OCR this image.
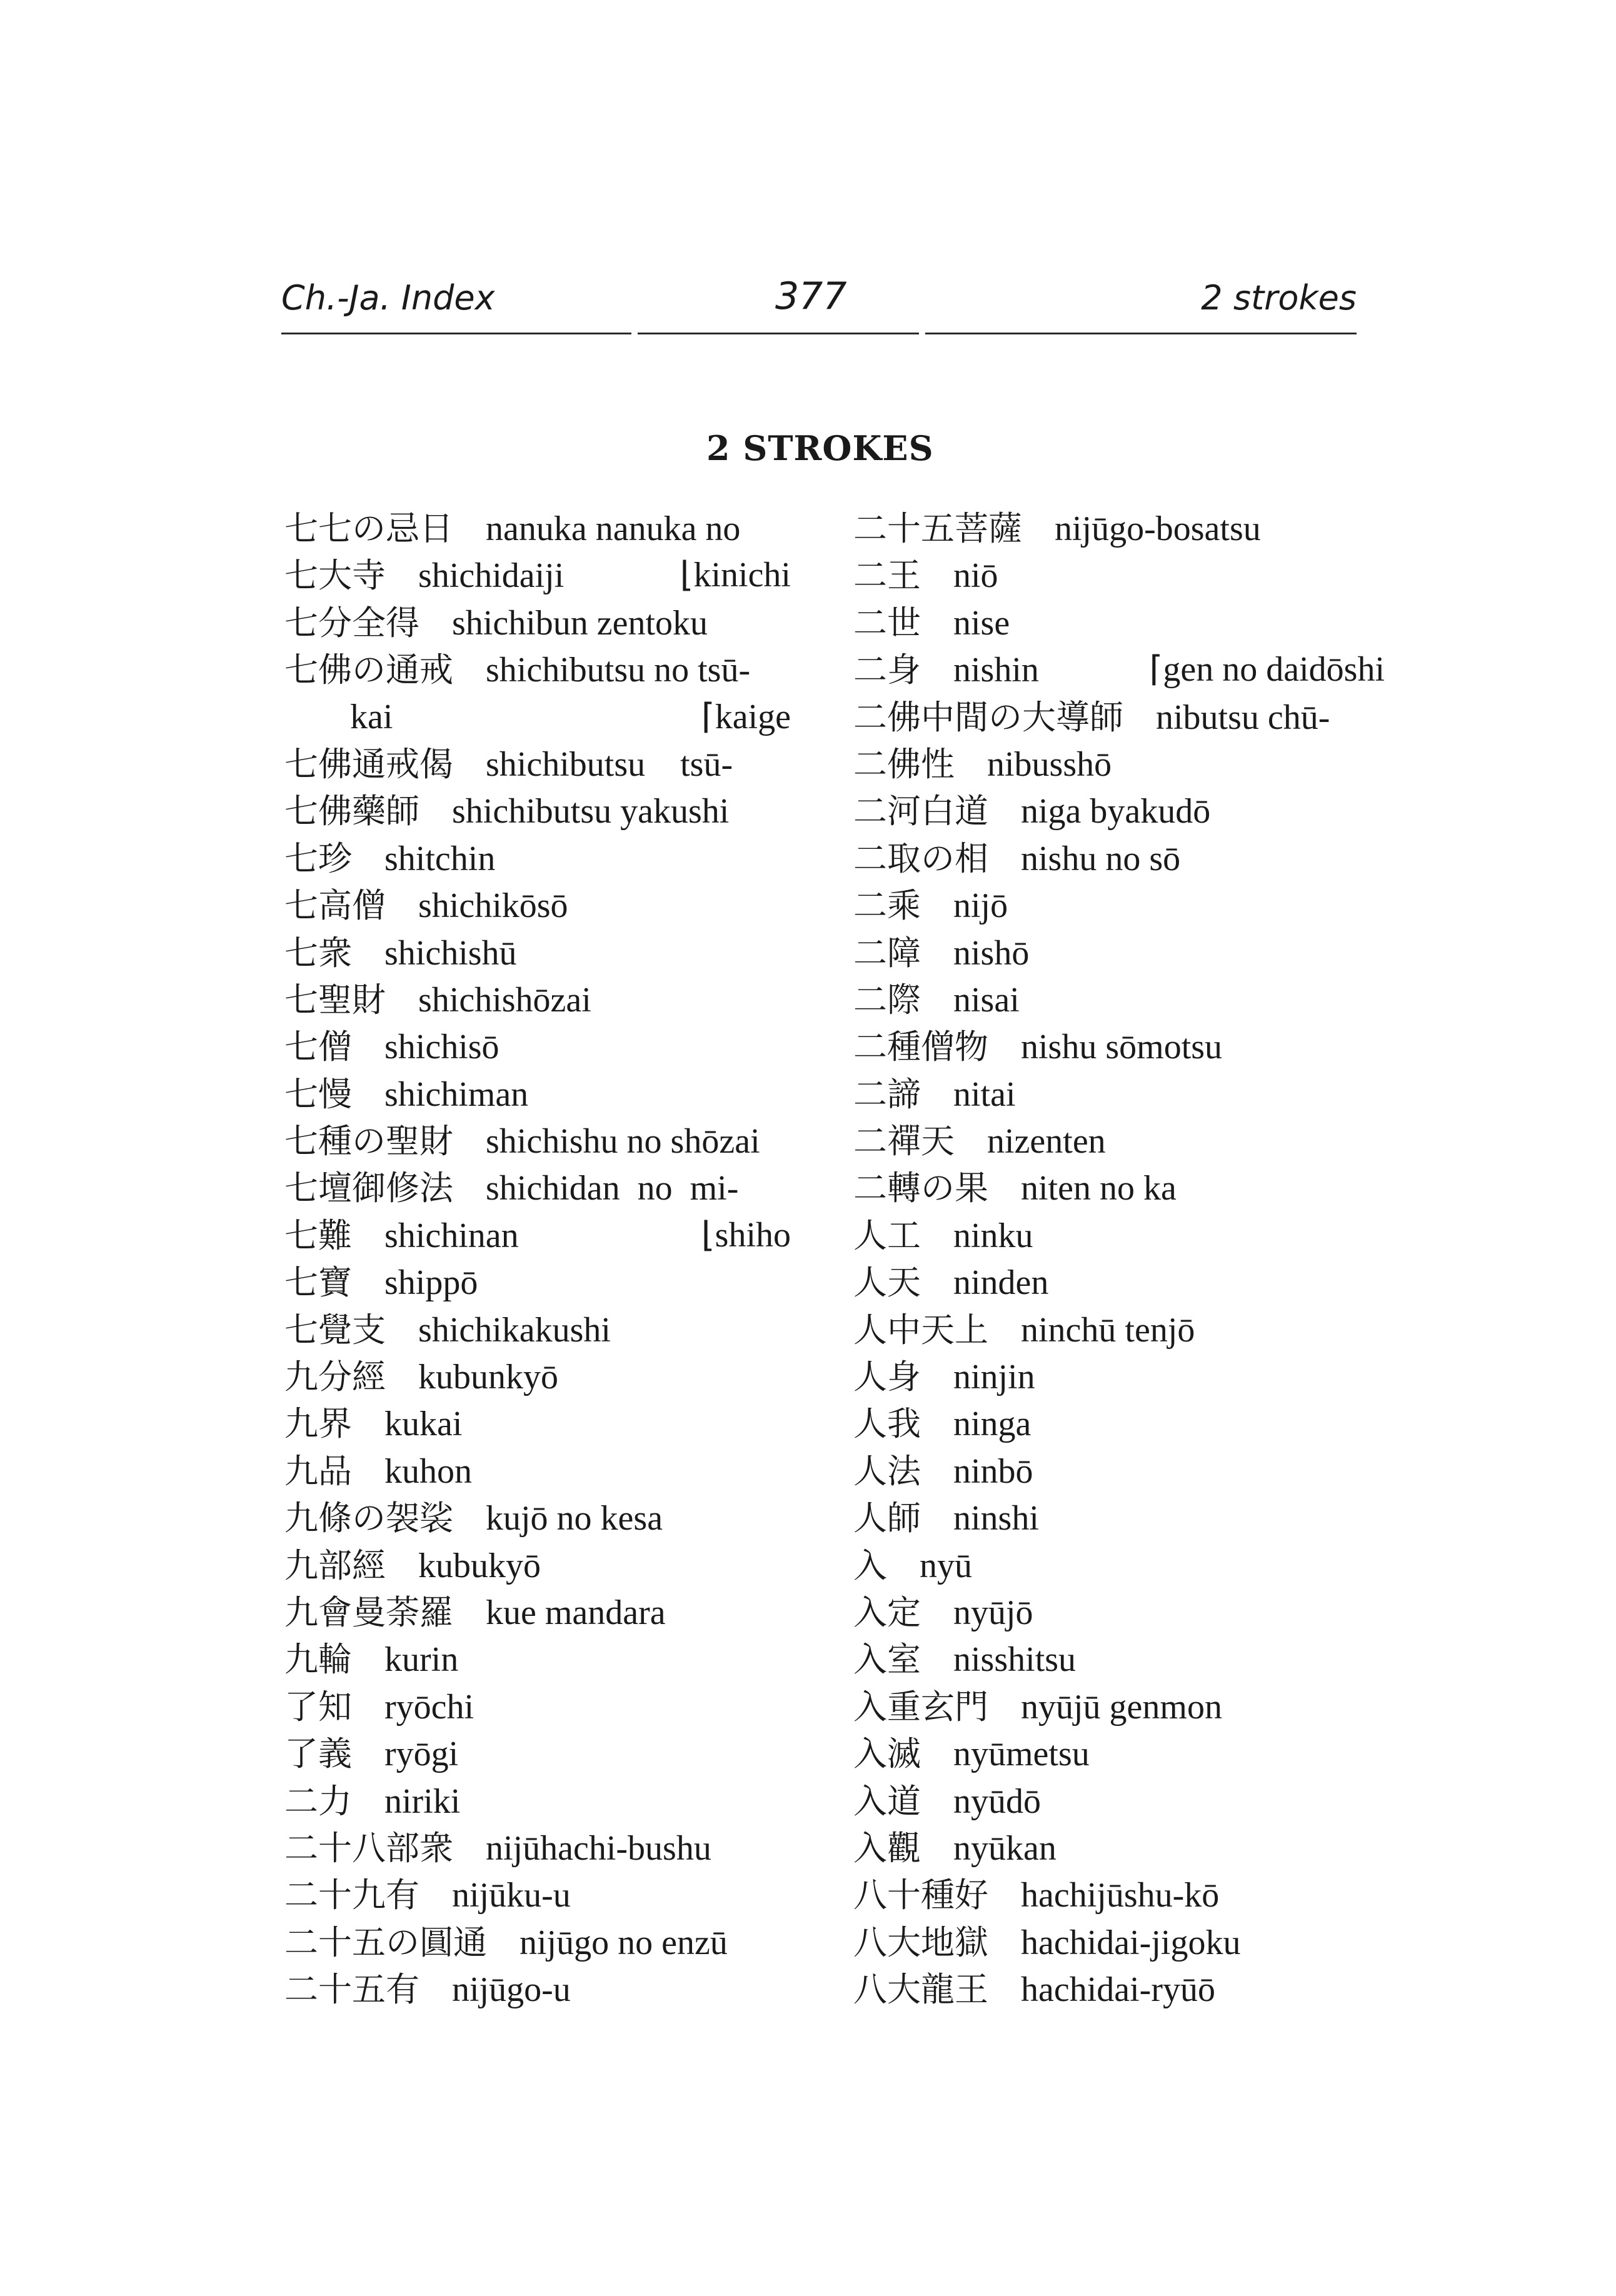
Ch.-Ja. Index	377	2 strokes
2 STROKES
七七の忌日 nanuka nanuka no
七大寺 shichidaiji	⌊kinichi
七分全得 shichibun zentoku
七佛の通戒 shichibutsu no tsū-
kai	⌈kaige
七佛通戒偈 shichibutsu    tsū-
七佛藥師 shichibutsu yakushi
七珍 shitchin
七高僧 shichikōsō
七衆 shichishū
七聖財 shichishōzai
七僧 shichisō
七慢 shichiman
七種の聖財 shichishu no shōzai
七壇御修法 shichidan  no  mi-
七難 shichinan	⌊shiho
七寶 shippō
七覺支 shichikakushi
九分經 kubunkyō
九界 kukai
九品 kuhon
九條の袈裟 kujō no kesa
九部經 kubukyō
九會曼荼羅 kue mandara
九輪 kurin
了知 ryōchi
了義 ryōgi
二力 niriki
二十八部衆 nijūhachi-bushu
二十九有 nijūku-u
二十五の圓通 nijūgo no enzū
二十五有 nijūgo-u
二十五菩薩 nijūgo-bosatsu
二王 niō
二世 nise
二身 nishin	⌈gen no daidōshi
二佛中間の大導師 nibutsu chū-
二佛性 nibusshō
二河白道 niga byakudō
二取の相 nishu no sō
二乘 nijō
二障 nishō
二際 nisai
二種僧物 nishu sōmotsu
二諦 nitai
二禪天 nizenten
二轉の果 niten no ka
人工 ninku
人天 ninden
人中天上 ninchū tenjō
人身 ninjin
人我 ninga
人法 ninbō
人師 ninshi
入 nyū
入定 nyūjō
入室 nisshitsu
入重玄門 nyūjū genmon
入滅 nyūmetsu
入道 nyūdō
入觀 nyūkan
八十種好 hachijūshu-kō
八大地獄 hachidai-jigoku
八大龍王 hachidai-ryūō
